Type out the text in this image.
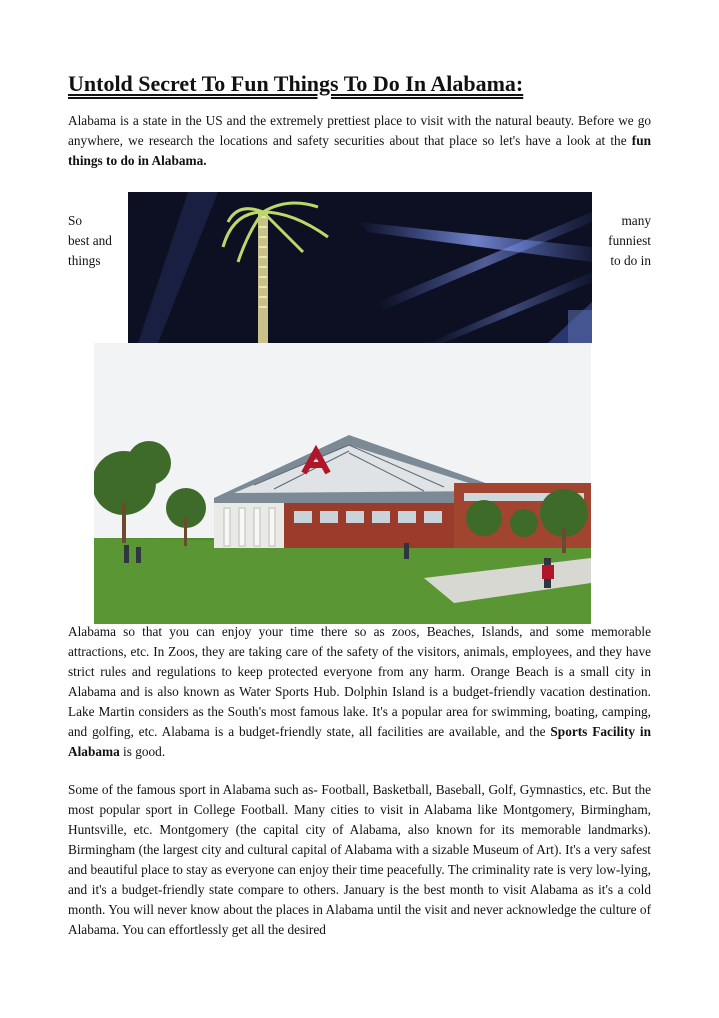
Untold Secret To Fun Things To Do In Alabama:

Alabama is a state in the US and the extremely prettiest place to visit with the natural beauty. Before we go anywhere, we research the locations and safety securities about that place so let's have a look at the fun things to do in Alabama.

So
best and
things
many
funniest
to do in

Alabama so that you can enjoy your time there so as zoos, Beaches, Islands, and some memorable attractions, etc. In Zoos, they are taking care of the safety of the visitors, animals, employees, and they have strict rules and regulations to keep protected everyone from any harm. Orange Beach is a small city in Alabama and is also known as Water Sports Hub. Dolphin Island is a budget-friendly vacation destination. Lake Martin considers as the South's most famous lake. It's a popular area for swimming, boating, camping, and golfing, etc. Alabama is a budget-friendly state, all facilities are available, and the Sports Facility in Alabama is good.

Some of the famous sport in Alabama such as- Football, Basketball, Baseball, Golf, Gymnastics, etc. But the most popular sport in College Football. Many cities to visit in Alabama like Montgomery, Birmingham, Huntsville, etc. Montgomery (the capital city of Alabama, also known for its memorable landmarks). Birmingham (the largest city and cultural capital of Alabama with a sizable Museum of Art). It's a very safest and beautiful place to stay as everyone can enjoy their time peacefully. The criminality rate is very low-lying, and it's a budget-friendly state compare to others. January is the best month to visit Alabama as it's a cold month. You will never know about the places in Alabama until the visit and never acknowledge the culture of Alabama. You can effortlessly get all the desired
